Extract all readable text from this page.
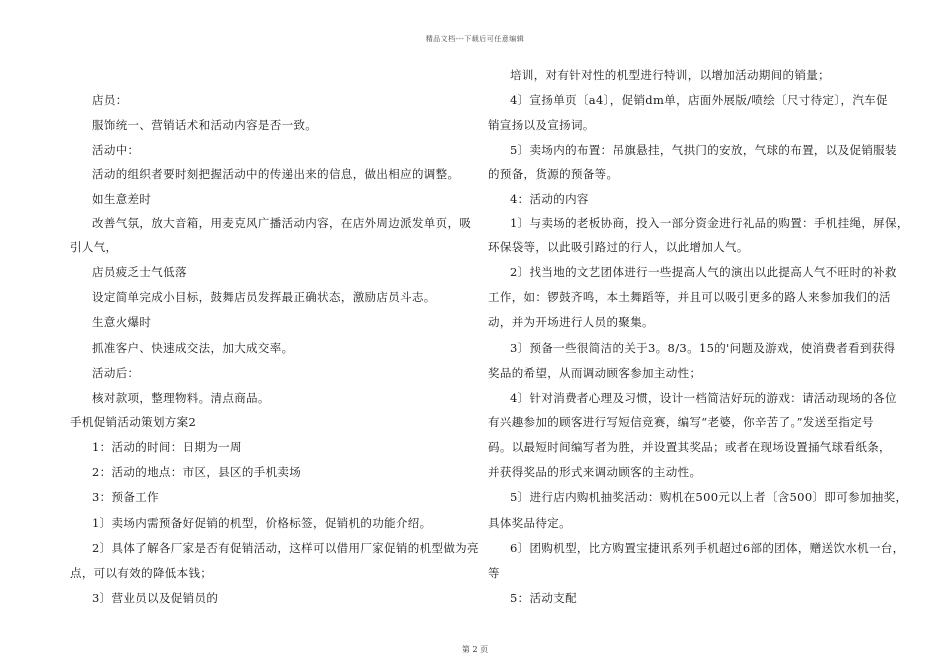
精品文档---下载后可任意编辑
店员：
服饰统一、营销话术和活动内容是否一致。
活动中：
活动的组织者要时刻把握活动中的传递出来的信息，做出相应的调整。
如生意差时
改善气氛，放大音箱，用麦克风广播活动内容，在店外周边派发单页，吸
引人气，
店员疲乏士气低落
设定简单完成小目标，鼓舞店员发挥最正确状态，激励店员斗志。
生意火爆时
抓准客户、快速成交法，加大成交率。
活动后：
核对款项，整理物料。清点商品。
手机促销活动策划方案2
1：活动的时间：日期为一周
2：活动的地点：市区，县区的手机卖场
3：预备工作
1〕卖场内需预备好促销的机型，价格标签，促销机的功能介绍。
2〕具体了解各厂家是否有促销活动，这样可以借用厂家促销的机型做为亮
点，可以有效的降低本钱；
3〕营业员以及促销员的
培训，对有针对性的机型进行特训，以增加活动期间的销量；
4〕宣扬单页〔a4〕，促销dm单，店面外展版/喷绘〔尺寸待定〕，汽车促
销宣扬以及宣扬词。
5〕卖场内的布置：吊旗悬挂，气拱门的安放，气球的布置，以及促销服装
的预备，货源的预备等。
4：活动的内容
1〕与卖场的老板协商，投入一部分资金进行礼品的购置：手机挂绳，屏保，
环保袋等，以此吸引路过的行人，以此增加人气。
2〕找当地的文艺团体进行一些提高人气的演出以此提高人气不旺时的补救
工作，如：锣鼓齐鸣，本土舞蹈等，并且可以吸引更多的路人来参加我们的活
动，并为开场进行人员的聚集。
3〕预备一些很简洁的关于3。8/3。15的'问题及游戏，使消费者看到获得
奖品的希望，从而调动顾客参加主动性；
4〕针对消费者心理及习惯，设计一档简洁好玩的游戏：请活动现场的各位
有兴趣参加的顾客进行写短信竞赛，编写“老婆，你辛苦了。”发送至指定号
码。以最短时间编写者为胜，并设置其奖品；或者在现场设置捅气球看纸条，
并获得奖品的形式来调动顾客的主动性。
5〕进行店内购机抽奖活动：购机在500元以上者〔含500〕即可参加抽奖，
具体奖品待定。
6〕团购机型，比方购置宝捷讯系列手机超过6部的团体，赠送饮水机一台，
等
5：活动支配
第 2 页
